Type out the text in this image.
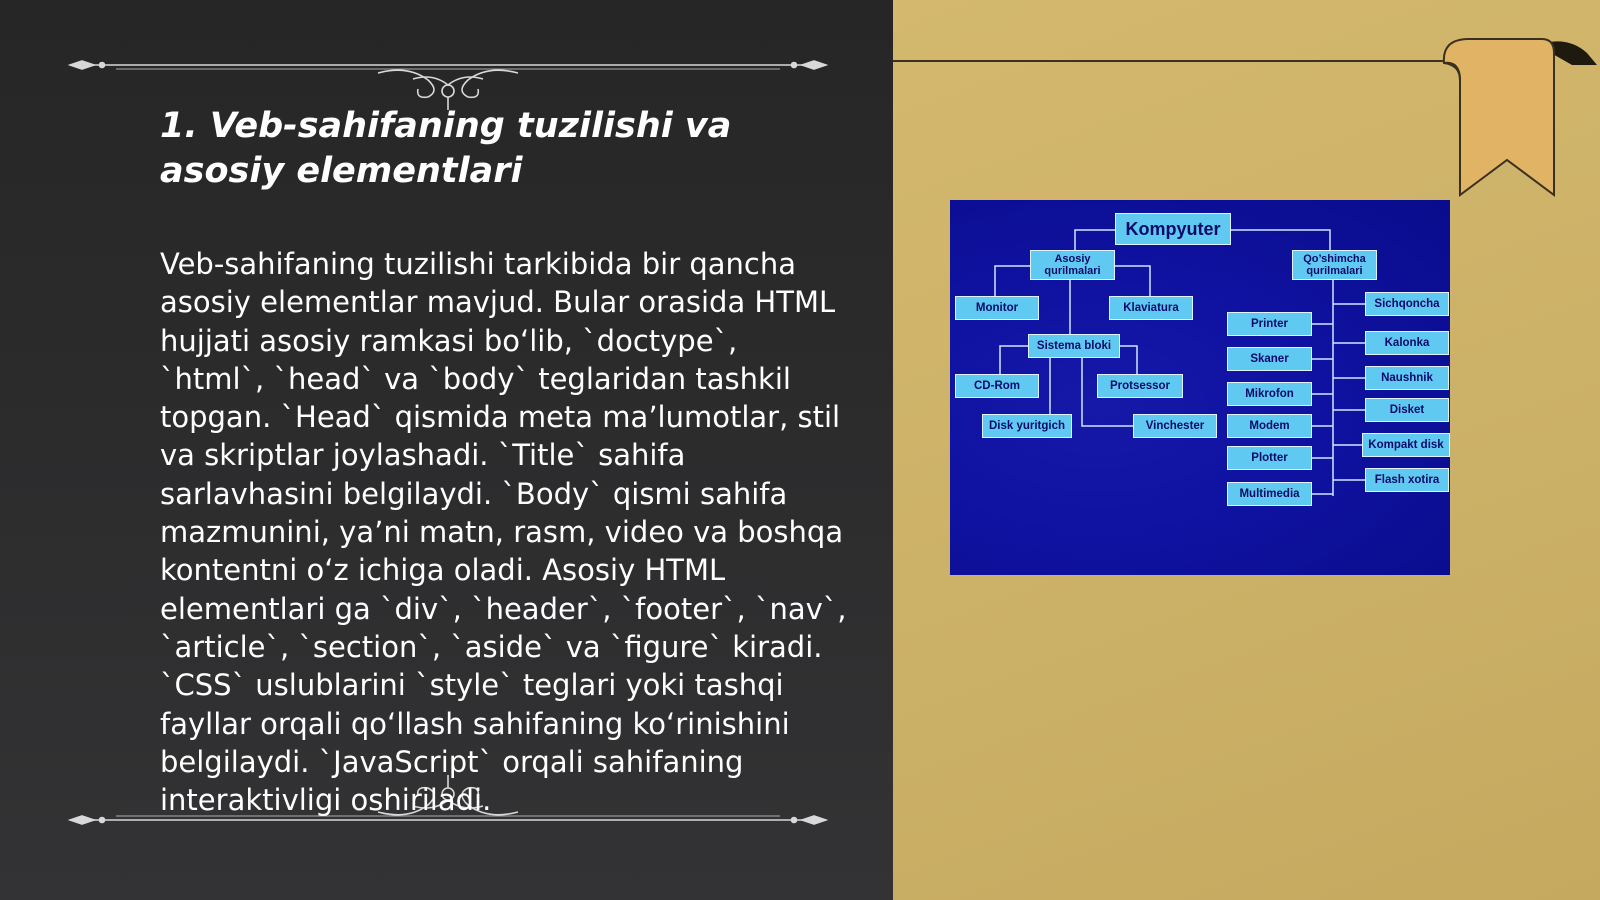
1. Veb-sahifaning tuzilishi va asosiy elementlari

Veb-sahifaning tuzilishi tarkibida bir qancha asosiy elementlar mavjud. Bular orasida HTML hujjati asosiy ramkasi bo‘lib, `doctype`, `html`, `head` va `body` teglaridan tashkil topgan. `Head` qismida meta ma’lumotlar, stil va skriptlar joylashadi. `Title` sahifa sarlavhasini belgilaydi. `Body` qismi sahifa mazmunini, ya’ni matn, rasm, video va boshqa kontentni o‘z ichiga oladi. Asosiy HTML elementlari ga `div`, `header`, `footer`, `nav`, `article`, `section`, `aside` va `figure` kiradi. `CSS` uslublarini `style` teglari yoki tashqi fayllar orqali qo‘llash sahifaning ko‘rinishini belgilaydi. `JavaScript` orqali sahifaning interaktivligi oshiriladi.

Kompyuter
Asosiy
qurilmalari
Qo’shimcha
qurilmalari
Monitor	Klaviatura
Sistema bloki
CD-Rom	Protsessor
Disk yuritgich	Vinchester
Printer
Skaner
Mikrofon
Modem
Plotter
Multimedia
Sichqoncha
Kalonka
Naushnik
Disket
Kompakt disk
Flash xotira
